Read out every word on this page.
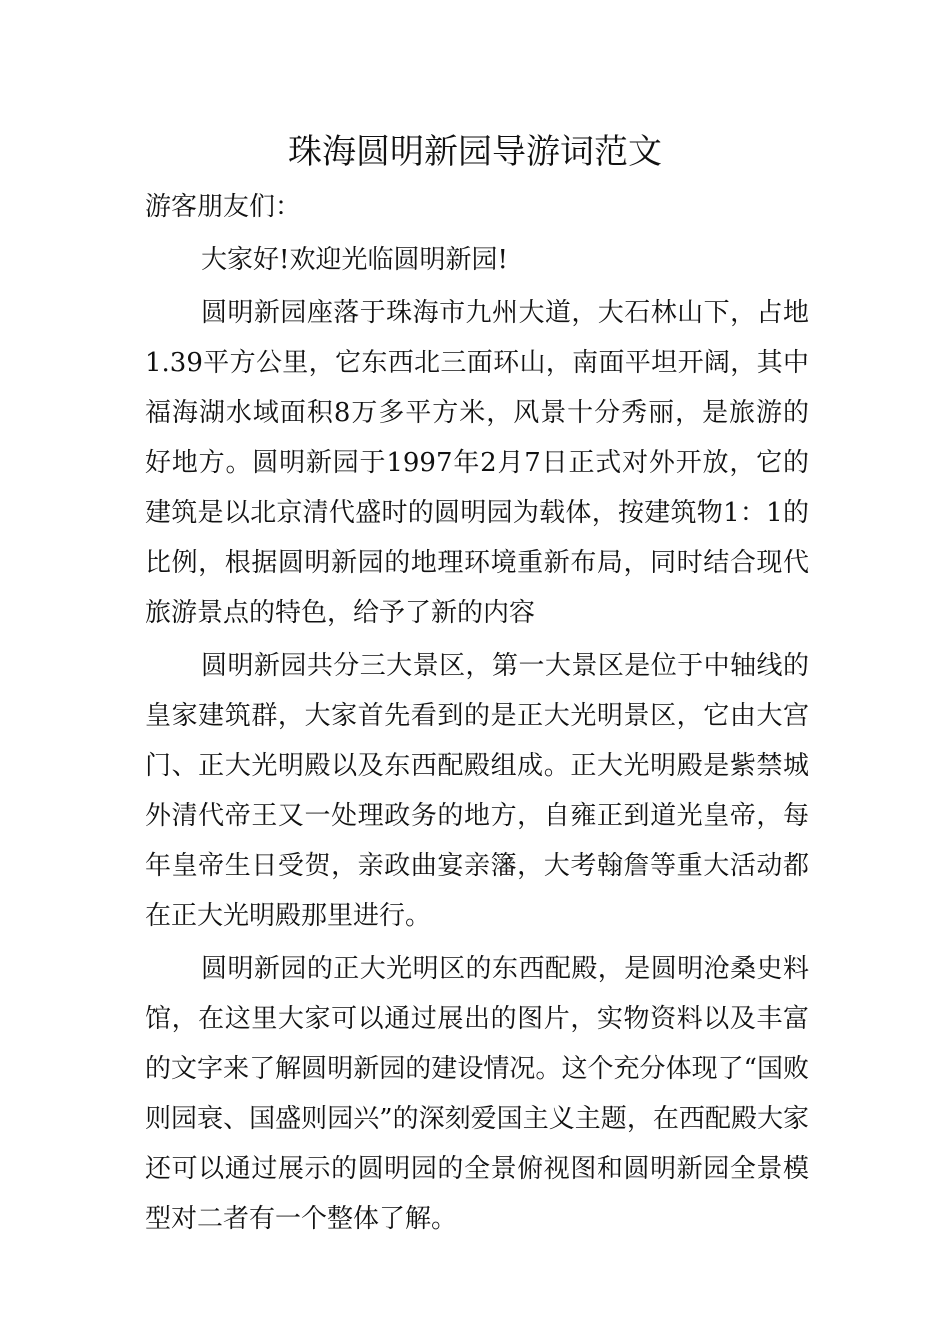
珠海圆明新园导游词范文

游客朋友们：

大家好!欢迎光临圆明新园!

圆明新园座落于珠海市九州大道，大石林山下，占地1.39平方公里，它东西北三面环山，南面平坦开阔，其中福海湖水域面积8万多平方米，风景十分秀丽，是旅游的好地方。圆明新园于1997年2月7日正式对外开放，它的建筑是以北京清代盛时的圆明园为载体，按建筑物1：1的比例，根据圆明新园的地理环境重新布局，同时结合现代旅游景点的特色，给予了新的内容

圆明新园共分三大景区，第一大景区是位于中轴线的皇家建筑群，大家首先看到的是正大光明景区，它由大宫门、正大光明殿以及东西配殿组成。正大光明殿是紫禁城外清代帝王又一处理政务的地方，自雍正到道光皇帝，每年皇帝生日受贺，亲政曲宴亲籓，大考翰詹等重大活动都在正大光明殿那里进行。

圆明新园的正大光明区的东西配殿，是圆明沧桑史料馆，在这里大家可以通过展出的图片，实物资料以及丰富的文字来了解圆明新园的建设情况。这个充分体现了“国败则园衰、国盛则园兴”的深刻爱国主义主题，在西配殿大家还可以通过展示的圆明园的全景俯视图和圆明新园全景模型对二者有一个整体了解。
